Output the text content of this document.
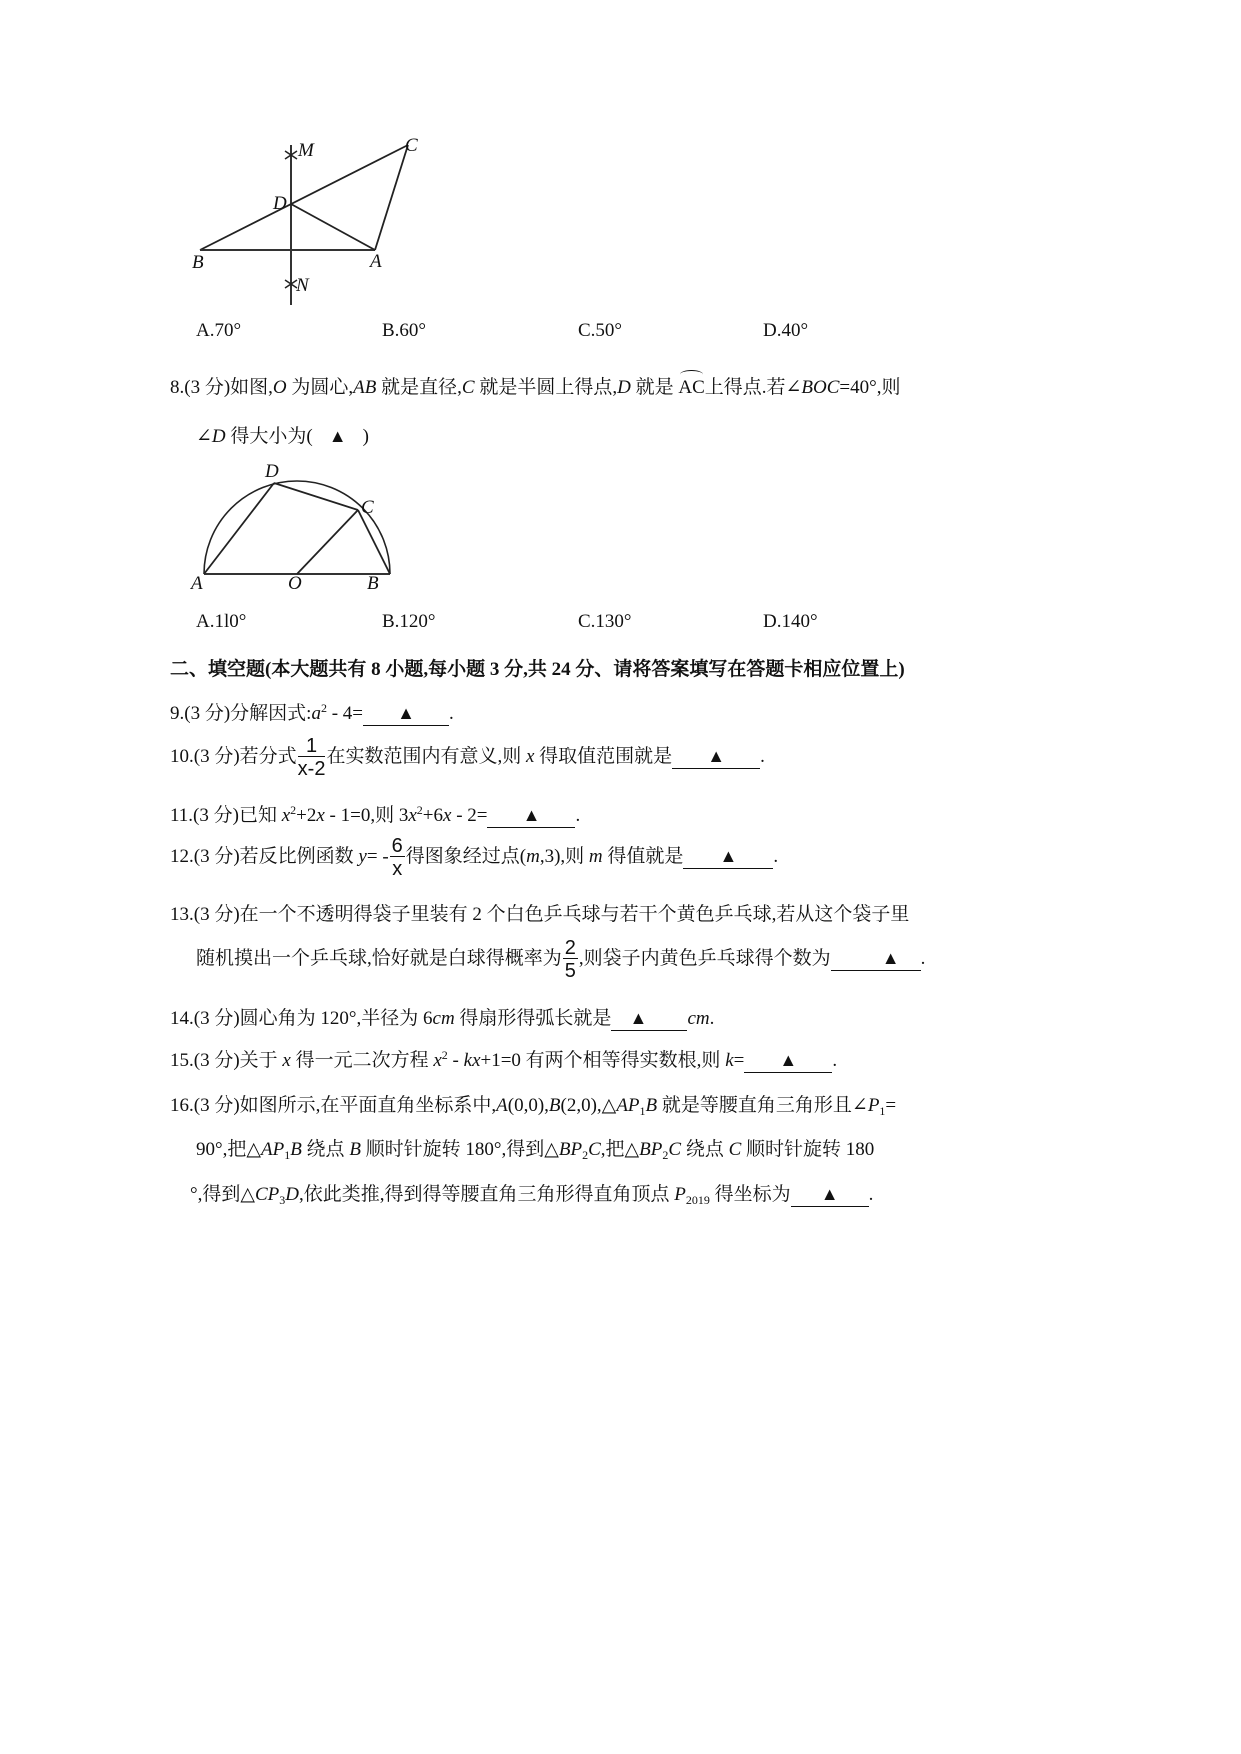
M	C
D
B	A
N
A.70°	B.60°	C.50°	D.40°
8.(3 分)如图,O 为圆心,AB 就是直径,C 就是半圆上得点,D 就是 AC上得点.若∠BOC=40°,则
∠D 得大小为( ▲ )
D
C
A	O	B
A.1l0°	B.120°	C.130°	D.140°
二、填空题(本大题共有 8 小题,每小题 3 分,共 24 分、请将答案填写在答题卡相应位置上)
9.(3 分)分解因式$:a^2 - 4=$ ▲ .
10.(3 分)若分式 $\frac{1}{x-2}$ 在实数范围内有意义,则 x 得取值范围就是 ▲ .
11.(3 分)已知 $x^2+2x - 1=0$,则 $3x^2+6x - 2=$ ▲ .
12.(3 分)若反比例函数 $y= - \frac{6}{x}$ 得图象经过点(m,3),则 m 得值就是 ▲ .
13.(3 分)在一个不透明得袋子里装有 2 个白色乒乓球与若干个黄色乒乓球,若从这个袋子里
随机摸出一个乒乓球,恰好就是白球得概率为 $\frac{2}{5}$ ,则袋子内黄色乒乓球得个数为	▲ .
14.(3 分)圆心角为 120°,半径为 6cm 得扇形得弧长就是 ▲ cm.
15.(3 分)关于 x 得一元二次方程 $x^2 - kx+1=0$ 有两个相等得实数根,则 k= ▲ .
16.(3 分)如图所示,在平面直角坐标系中$,A(0,0),B(2,0),\triangle AP_1B$ 就是等腰直角三角形且$\angle P_1=$
90°,把$\triangle AP_1B$ 绕点 B 顺时针旋转 180°,得到$\triangle BP_2C$,把$\triangle BP_2C$ 绕点 C 顺时针旋转 180
°,得到$\triangle CP_3D$,依此类推,得到得等腰直角三角形得直角顶点 $P_{2019}$ 得坐标为 ▲ .
